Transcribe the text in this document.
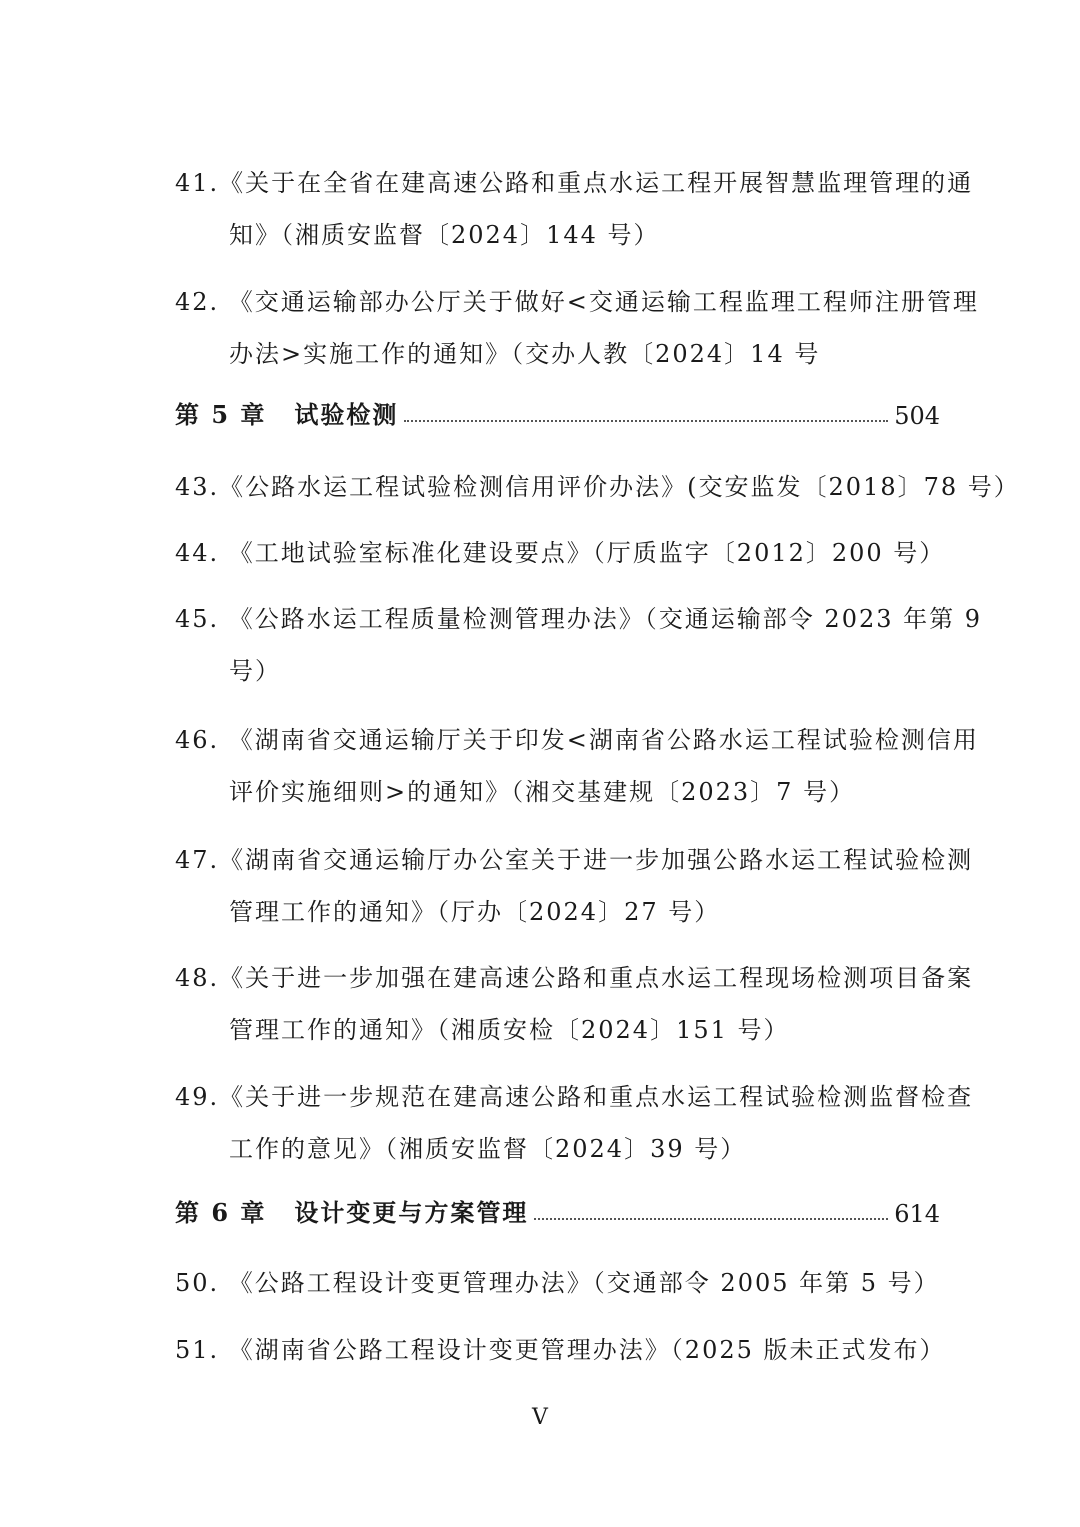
41.《关于在全省在建高速公路和重点水运工程开展智慧监理管理的通
知》（湘质安监督〔2024〕144 号）
42. 《交通运输部办公厅关于做好<交通运输工程监理工程师注册管理
办法>实施工作的通知》（交办人教〔2024〕14 号
第 5 章 试验检测	504
43.《公路水运工程试验检测信用评价办法》(交安监发〔2018〕78 号）
44. 《工地试验室标准化建设要点》（厅质监字〔2012〕200 号）
45. 《公路水运工程质量检测管理办法》（交通运输部令 2023 年第 9
号）
46. 《湖南省交通运输厅关于印发<湖南省公路水运工程试验检测信用
评价实施细则>的通知》（湘交基建规〔2023〕7 号）
47.《湖南省交通运输厅办公室关于进一步加强公路水运工程试验检测
管理工作的通知》（厅办〔2024〕27 号）
48.《关于进一步加强在建高速公路和重点水运工程现场检测项目备案
管理工作的通知》（湘质安检〔2024〕151 号）
49.《关于进一步规范在建高速公路和重点水运工程试验检测监督检查
工作的意见》（湘质安监督〔2024〕39 号）
第 6 章 设计变更与方案管理	614
50. 《公路工程设计变更管理办法》（交通部令 2005 年第 5 号）
51. 《湖南省公路工程设计变更管理办法》（2025 版未正式发布）
V
